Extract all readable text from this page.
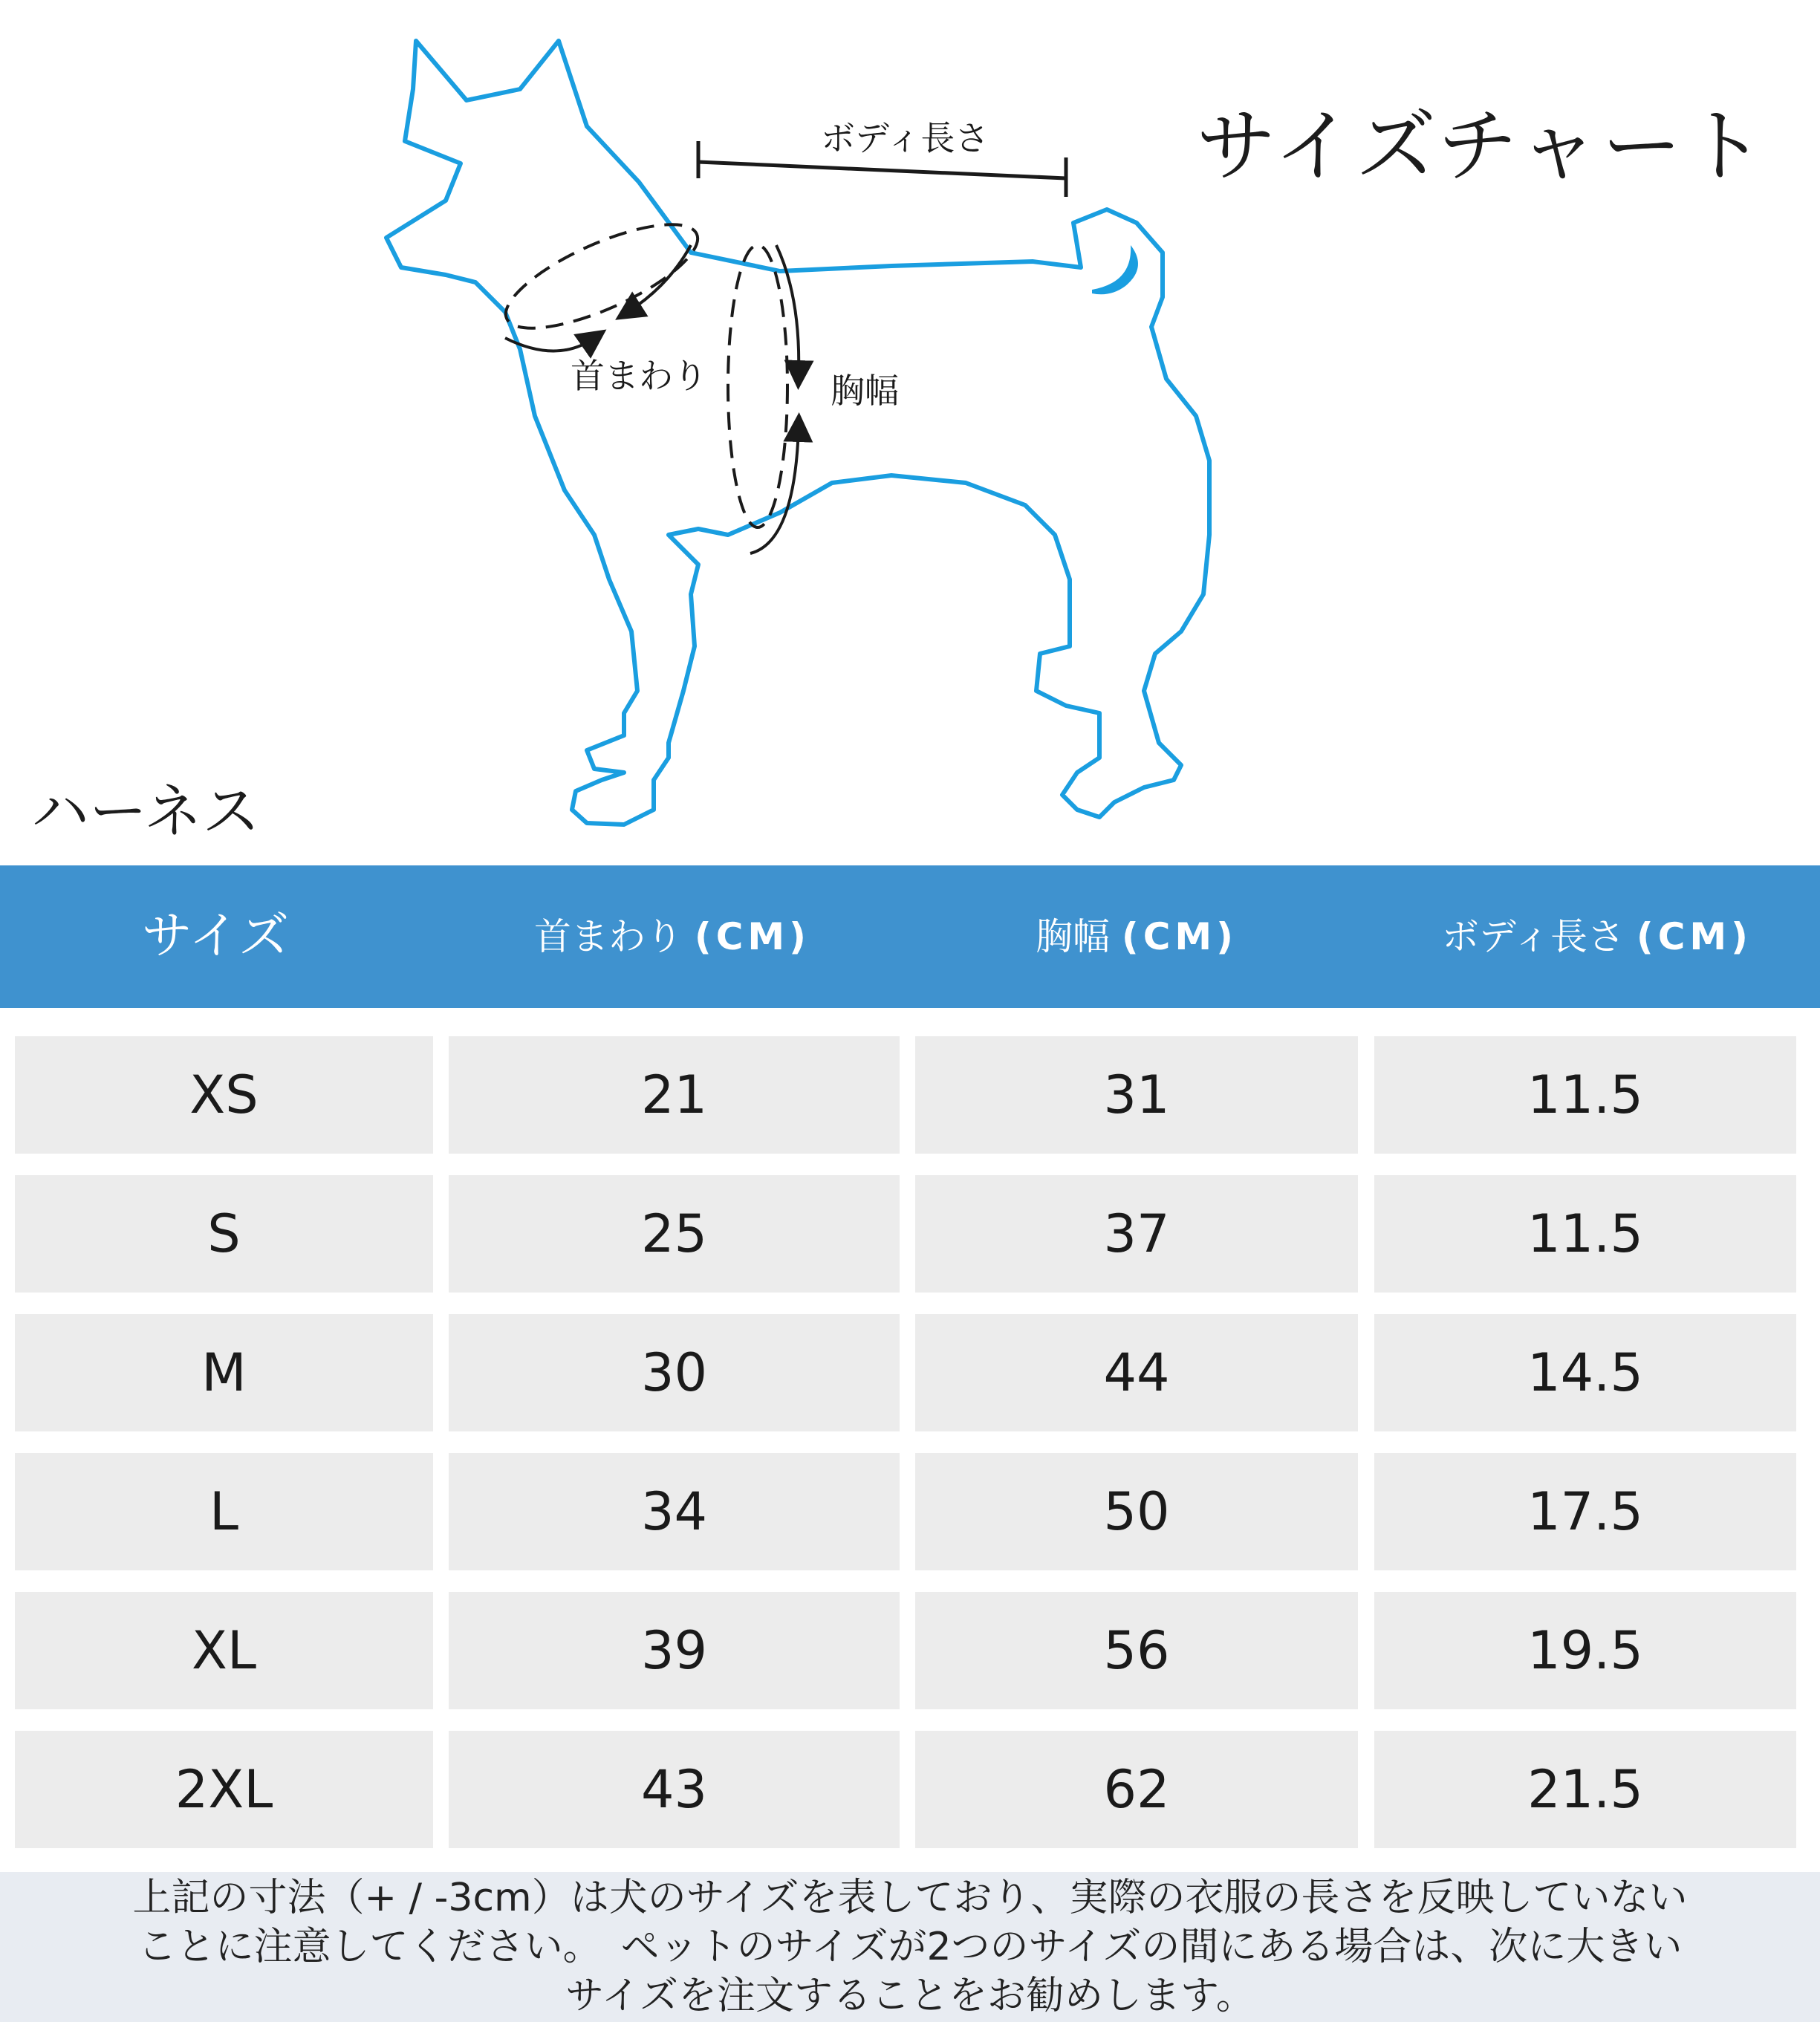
サイズチャート
ボディ長さ
首まわり	胸幅
ハーネス
サイズ	首まわり (CM)	胸幅 (CM)	ボディ長さ (CM)
XS	21	31	11.5
S	25	37	11.5
M	30	44	14.5
L	34	50	17.5
XL	39	56	19.5
2XL	43	62	21.5

上記の寸法（+ / -3cm）は犬のサイズを表しており、実際の衣服の長さを反映していない

ことに注意してください。　ペットのサイズが2つのサイズの間にある場合は、次に大きい

サイズを注文することをお勧めします。
